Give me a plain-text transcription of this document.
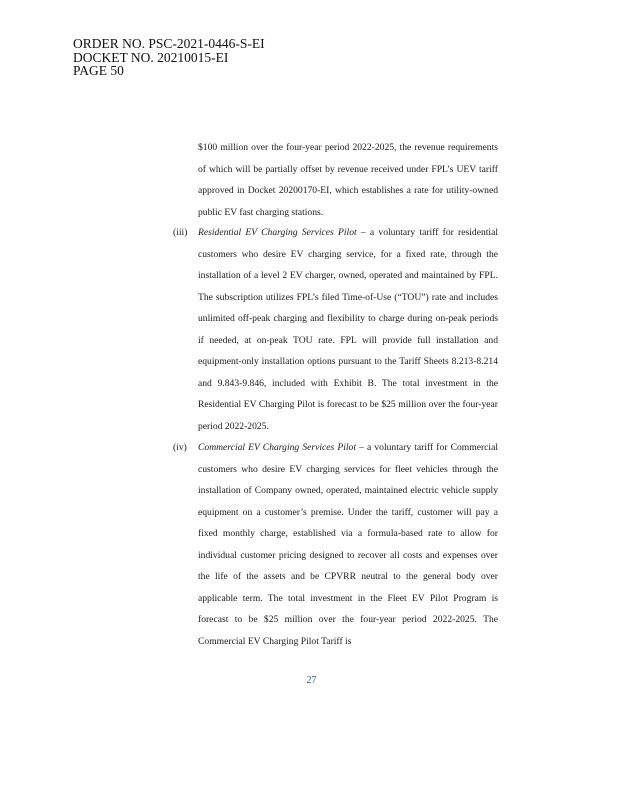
ORDER NO. PSC-2021-0446-S-EI
DOCKET NO. 20210015-EI
PAGE 50
$100 million over the four-year period 2022-2025, the revenue requirements of which will be partially offset by revenue received under FPL’s UEV tariff approved in Docket 20200170-EI, which establishes a rate for utility-owned public EV fast charging stations.
(iii)	Residential EV Charging Services Pilot – a voluntary tariff for residential customers who desire EV charging service, for a fixed rate, through the installation of a level 2 EV charger, owned, operated and maintained by FPL. The subscription utilizes FPL’s filed Time-of-Use (“TOU”) rate and includes unlimited off-peak charging and flexibility to charge during on-peak periods if needed, at on-peak TOU rate. FPL will provide full installation and equipment-only installation options pursuant to the Tariff Sheets 8.213-8.214 and 9.843-9.846, included with Exhibit B. The total investment in the Residential EV Charging Pilot is forecast to be $25 million over the four-year period 2022-2025.
(iv)	Commercial EV Charging Services Pilot – a voluntary tariff for Commercial customers who desire EV charging services for fleet vehicles through the installation of Company owned, operated, maintained electric vehicle supply equipment on a customer’s premise. Under the tariff, customer will pay a fixed monthly charge, established via a formula-based rate to allow for individual customer pricing designed to recover all costs and expenses over the life of the assets and be CPVRR neutral to the general body over applicable term. The total investment in the Fleet EV Pilot Program is forecast to be $25 million over the four-year period 2022-2025. The Commercial EV Charging Pilot Tariff is
27
